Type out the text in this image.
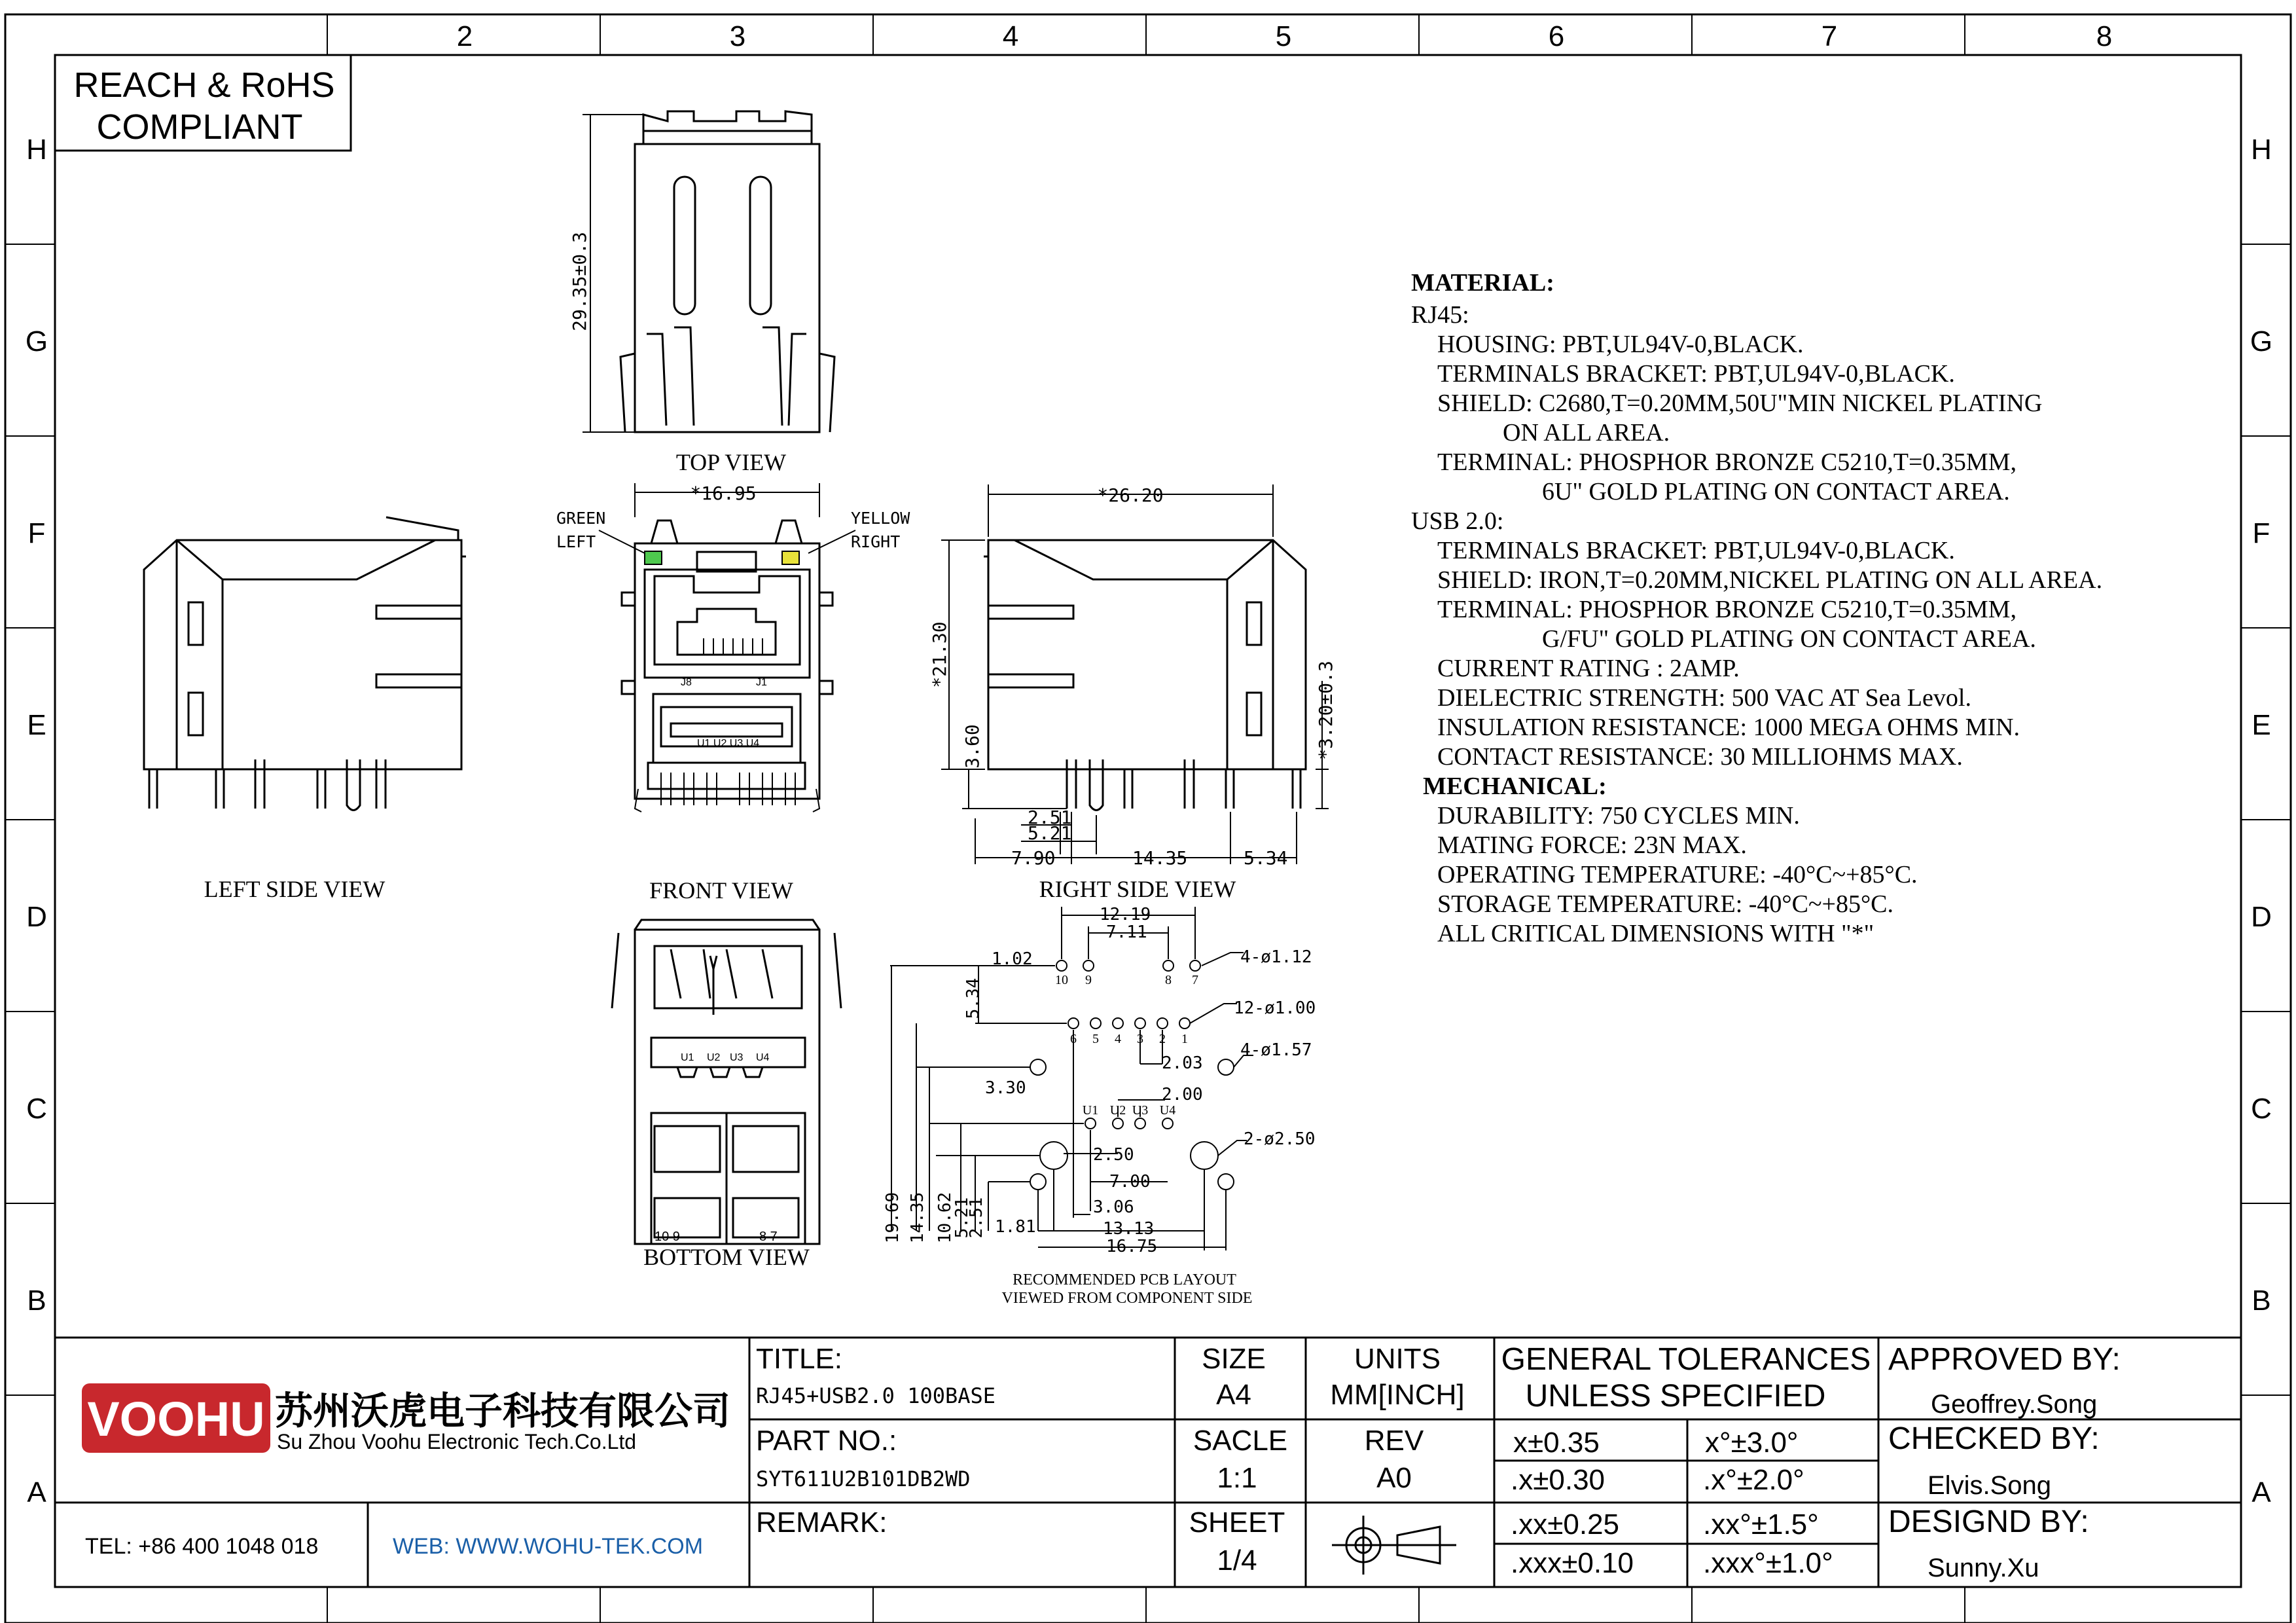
2	3	4	5	6	7	8
H
G
F
E
D
C
B
A
H
G
F
E
D
C
B
A
REACH & RoHS
COMPLIANT
29.35±0.3
TOP VIEW
LEFT SIDE VIEW
*16.95
GREEN
LEFT
YELLOW
RIGHT
J8	J1
U1 U2 U3 U4
FRONT VIEW
*26.20
*21.30
3.60	*3.20±0.3
2.51
5.21
7.90	14.35	5.34
RIGHT SIDE VIEW
U1 U2 U3 U4
10 9	8 7
BOTTOM VIEW
12.19
7.11
1.02	4-ø1.12
12-ø1.00
2.03
4-ø1.57
3.30	2.00
2-ø2.50
2.50
7.00
3.06
1.81	13.13
16.75
5.34
19.69 14.35 10.62
5.21
2.51
10 9	8 7
6 5 4 3 2 1
U1 U2 U3 U4
RECOMMENDED PCB LAYOUT
VIEWED FROM COMPONENT SIDE
VOOHU 苏州沃虎电子科技有限公司
Su Zhou Voohu Electronic Tech.Co.Ltd
TEL: +86 400 1048 018	WEB: WWW.WOHU-TEK.COM
TITLE:
RJ45+USB2.0 100BASE
PART NO.:
SYT611U2B101DB2WD
REMARK:
SIZE
A4
UNITS
MM[INCH]
SACLE
1:1
REV
A0
SHEET
1/4
GENERAL TOLERANCES
UNLESS SPECIFIED
x±0.35	x°±3.0°
.x±0.30	.x°±2.0°
.xx±0.25	.xx°±1.5°
.xxx±0.10 .xxx°±1.0°
APPROVED BY:
Geoffrey.Song
CHECKED BY:
Elvis.Song
DESIGND BY:
Sunny.Xu
MATERIAL:
RJ45:
HOUSING: PBT,UL94V-0,BLACK.
TERMINALS BRACKET: PBT,UL94V-0,BLACK.
SHIELD: C2680,T=0.20MM,50U"MIN NICKEL PLATING
ON ALL AREA.
TERMINAL: PHOSPHOR BRONZE C5210,T=0.35MM,
6U" GOLD PLATING ON CONTACT AREA.
USB 2.0:
TERMINALS BRACKET: PBT,UL94V-0,BLACK.
SHIELD: IRON,T=0.20MM,NICKEL PLATING ON ALL AREA.
TERMINAL: PHOSPHOR BRONZE C5210,T=0.35MM,
G/FU" GOLD PLATING ON CONTACT AREA.
CURRENT RATING : 2AMP.
DIELECTRIC STRENGTH: 500 VAC AT Sea Levol.
INSULATION RESISTANCE: 1000 MEGA OHMS MIN.
CONTACT RESISTANCE: 30 MILLIOHMS MAX.
MECHANICAL:
DURABILITY: 750 CYCLES MIN.
MATING FORCE: 23N MAX.
OPERATING TEMPERATURE: -40°C~+85°C.
STORAGE TEMPERATURE: -40°C~+85°C.
ALL CRITICAL DIMENSIONS WITH "*"
